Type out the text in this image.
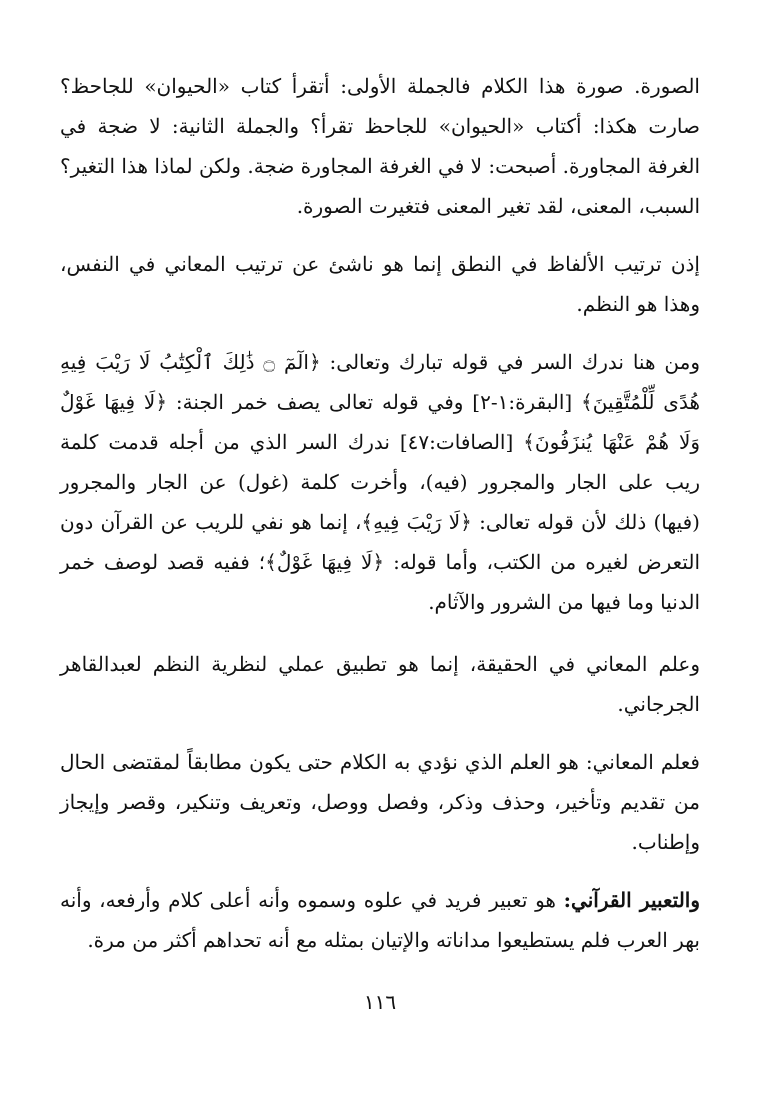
الصورة. صورة هذا الكلام فالجملة الأولى: أتقرأ كتاب «الحيوان» للجاحظ؟ صارت هكذا: أكتاب «الحيوان» للجاحظ تقرأ؟ والجملة الثانية: لا ضجة في الغرفة المجاورة. أصبحت: لا في الغرفة المجاورة ضجة. ولكن لماذا هذا التغير؟ السبب، المعنى، لقد تغير المعنى فتغيرت الصورة.

إذن ترتيب الألفاظ في النطق إنما هو ناشئ عن ترتيب المعاني في النفس، وهذا هو النظم.

ومن هنا ندرك السر في قوله تبارك وتعالى: ﴿الٓمٓ ۝ ذَٰلِكَ ٱلْكِتَٰبُ لَا رَيْبَ فِيهِ هُدًى لِّلْمُتَّقِينَ﴾ [البقرة:١-٢] وفي قوله تعالى يصف خمر الجنة: ﴿لَا فِيهَا غَوْلٌ وَلَا هُمْ عَنْهَا يُنزَفُونَ﴾ [الصافات:٤٧] ندرك السر الذي من أجله قدمت كلمة ريب على الجار والمجرور (فيه)، وأخرت كلمة (غول) عن الجار والمجرور (فيها) ذلك لأن قوله تعالى: ﴿لَا رَيْبَ فِيهِ﴾، إنما هو نفي للريب عن القرآن دون التعرض لغيره من الكتب، وأما قوله: ﴿لَا فِيهَا غَوْلٌ﴾؛ ففيه قصد لوصف خمر الدنيا وما فيها من الشرور والآثام.

وعلم المعاني في الحقيقة، إنما هو تطبيق عملي لنظرية النظم لعبدالقاهر الجرجاني.

فعلم المعاني: هو العلم الذي نؤدي به الكلام حتى يكون مطابقاً لمقتضى الحال من تقديم وتأخير، وحذف وذكر، وفصل ووصل، وتعريف وتنكير، وقصر وإيجاز وإطناب.

والتعبير القرآني: هو تعبير فريد في علوه وسموه وأنه أعلى كلام وأرفعه، وأنه بهر العرب فلم يستطيعوا مداناته والإتيان بمثله مع أنه تحداهم أكثر من مرة.

١١٦
